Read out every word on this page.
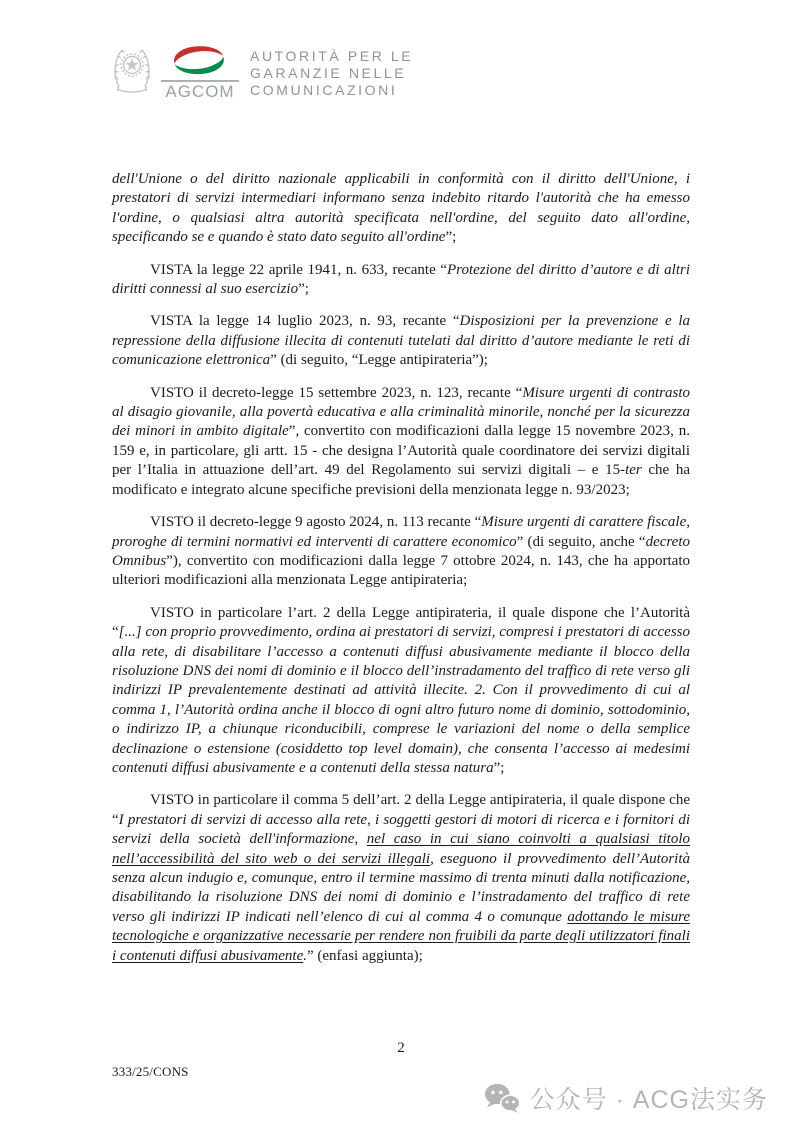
AGCOM
AUTORITÀ PER LE
GARANZIE NELLE
COMUNICAZIONI

dell'Unione o del diritto nazionale applicabili in conformità con il diritto dell'Unione, i prestatori di servizi intermediari informano senza indebito ritardo l'autorità che ha emesso l'ordine, o qualsiasi altra autorità specificata nell'ordine, del seguito dato all'ordine, specificando se e quando è stato dato seguito all'ordine”;

VISTA la legge 22 aprile 1941, n. 633, recante “Protezione del diritto d’autore e di altri diritti connessi al suo esercizio”;

VISTA la legge 14 luglio 2023, n. 93, recante “Disposizioni per la prevenzione e la repressione della diffusione illecita di contenuti tutelati dal diritto d’autore mediante le reti di comunicazione elettronica” (di seguito, “Legge antipirateria”);

VISTO il decreto-legge 15 settembre 2023, n. 123, recante “Misure urgenti di contrasto al disagio giovanile, alla povertà educativa e alla criminalità minorile, nonché per la sicurezza dei minori in ambito digitale”, convertito con modificazioni dalla legge 15 novembre 2023, n. 159 e, in particolare, gli artt. 15 - che designa l’Autorità quale coordinatore dei servizi digitali per l’Italia in attuazione dell’art. 49 del Regolamento sui servizi digitali – e 15-ter che ha modificato e integrato alcune specifiche previsioni della menzionata legge n. 93/2023;

VISTO il decreto-legge 9 agosto 2024, n. 113 recante “Misure urgenti di carattere fiscale, proroghe di termini normativi ed interventi di carattere economico” (di seguito, anche “decreto Omnibus”), convertito con modificazioni dalla legge 7 ottobre 2024, n. 143, che ha apportato ulteriori modificazioni alla menzionata Legge antipirateria;

VISTO in particolare l’art. 2 della Legge antipirateria, il quale dispone che l’Autorità “[...] con proprio provvedimento, ordina ai prestatori di servizi, compresi i prestatori di accesso alla rete, di disabilitare l’accesso a contenuti diffusi abusivamente mediante il blocco della risoluzione DNS dei nomi di dominio e il blocco dell’instradamento del traffico di rete verso gli indirizzi IP prevalentemente destinati ad attività illecite. 2. Con il provvedimento di cui al comma 1, l’Autorità ordina anche il blocco di ogni altro futuro nome di dominio, sottodominio, o indirizzo IP, a chiunque riconducibili, comprese le variazioni del nome o della semplice declinazione o estensione (cosiddetto top level domain), che consenta l’accesso ai medesimi contenuti diffusi abusivamente e a contenuti della stessa natura”;

VISTO in particolare il comma 5 dell’art. 2 della Legge antipirateria, il quale dispone che “I prestatori di servizi di accesso alla rete, i soggetti gestori di motori di ricerca e i fornitori di servizi della società dell'informazione, nel caso in cui siano coinvolti a qualsiasi titolo nell’accessibilità del sito web o dei servizi illegali, eseguono il provvedimento dell’Autorità senza alcun indugio e, comunque, entro il termine massimo di trenta minuti dalla notificazione, disabilitando la risoluzione DNS dei nomi di dominio e l’instradamento del traffico di rete verso gli indirizzi IP indicati nell’elenco di cui al comma 4 o comunque adottando le misure tecnologiche e organizzative necessarie per rendere non fruibili da parte degli utilizzatori finali i contenuti diffusi abusivamente.” (enfasi aggiunta);

2
333/25/CONS
公众号 · ACG法实务
